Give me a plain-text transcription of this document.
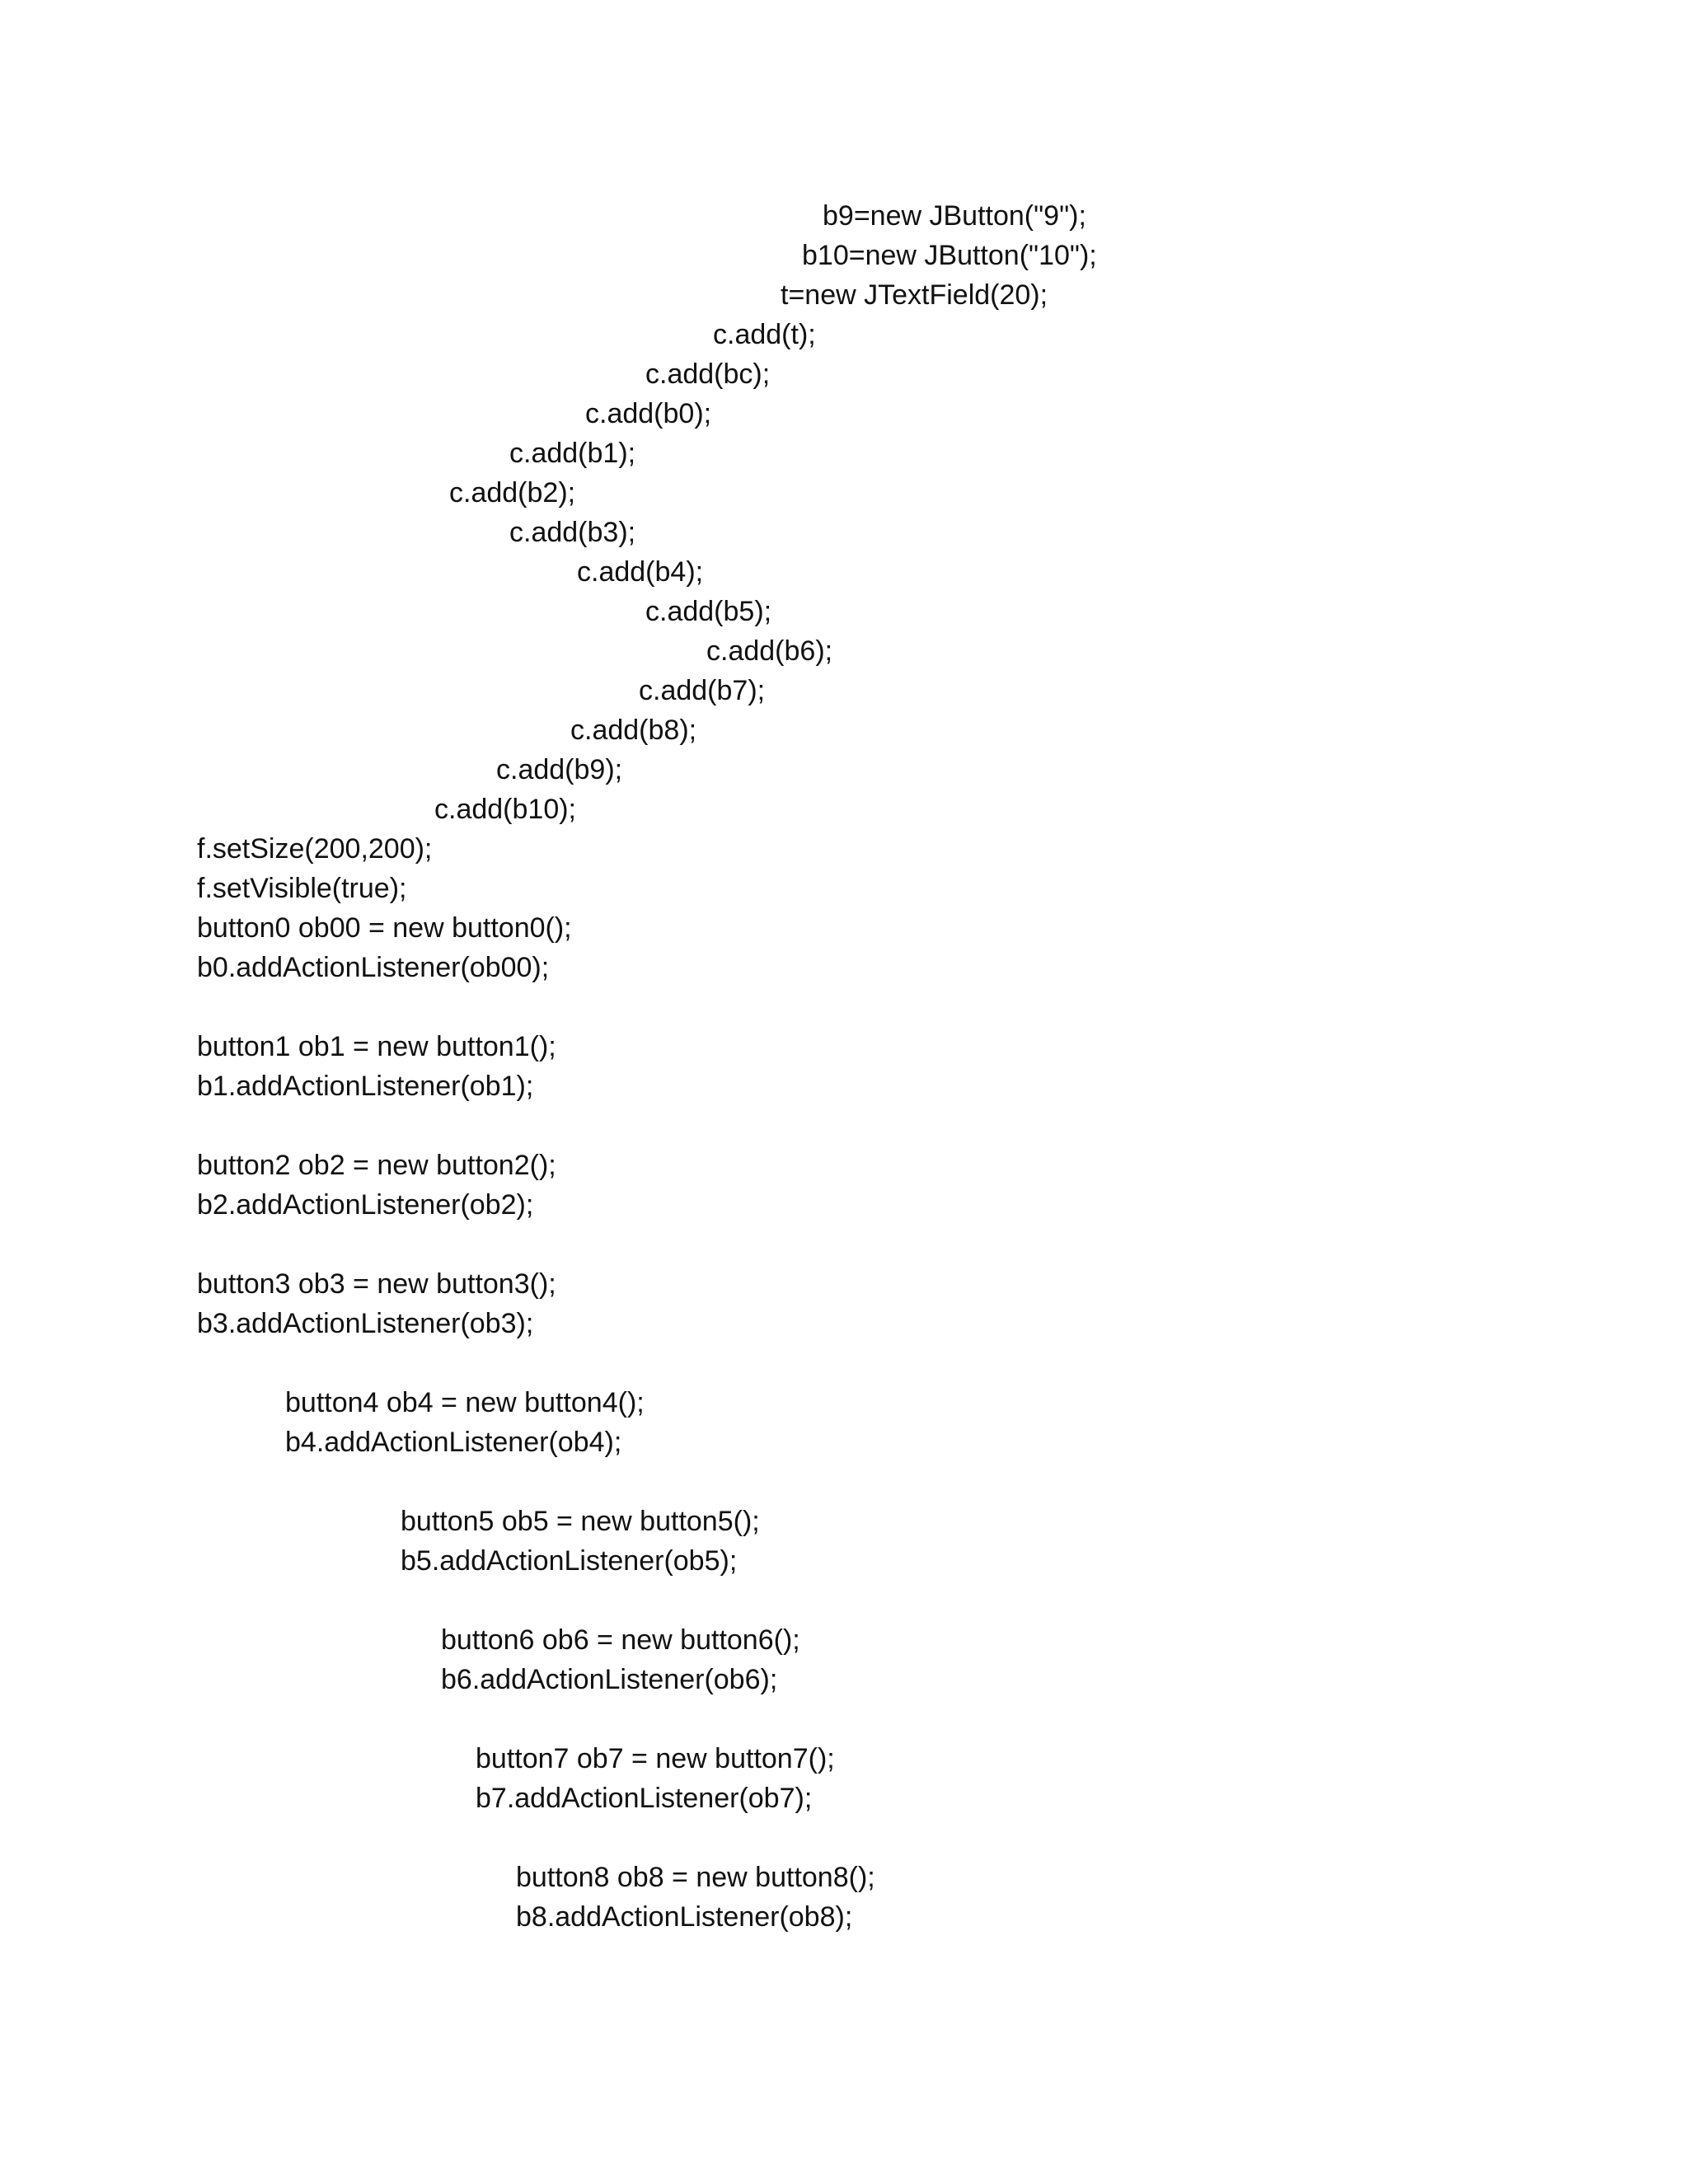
b9=new JButton("9");
b10=new JButton("10");
t=new JTextField(20);
c.add(t);
c.add(bc);
c.add(b0);
c.add(b1);
c.add(b2);
c.add(b3);
c.add(b4);
c.add(b5);
c.add(b6);
c.add(b7);
c.add(b8);
c.add(b9);
c.add(b10);
f.setSize(200,200);
f.setVisible(true);
button0 ob00 = new button0();
b0.addActionListener(ob00);
button1 ob1 = new button1();
b1.addActionListener(ob1);
button2 ob2 = new button2();
b2.addActionListener(ob2);
button3 ob3 = new button3();
b3.addActionListener(ob3);
button4 ob4 = new button4();
b4.addActionListener(ob4);
button5 ob5 = new button5();
b5.addActionListener(ob5);
button6 ob6 = new button6();
b6.addActionListener(ob6);
button7 ob7 = new button7();
b7.addActionListener(ob7);
button8 ob8 = new button8();
b8.addActionListener(ob8);
